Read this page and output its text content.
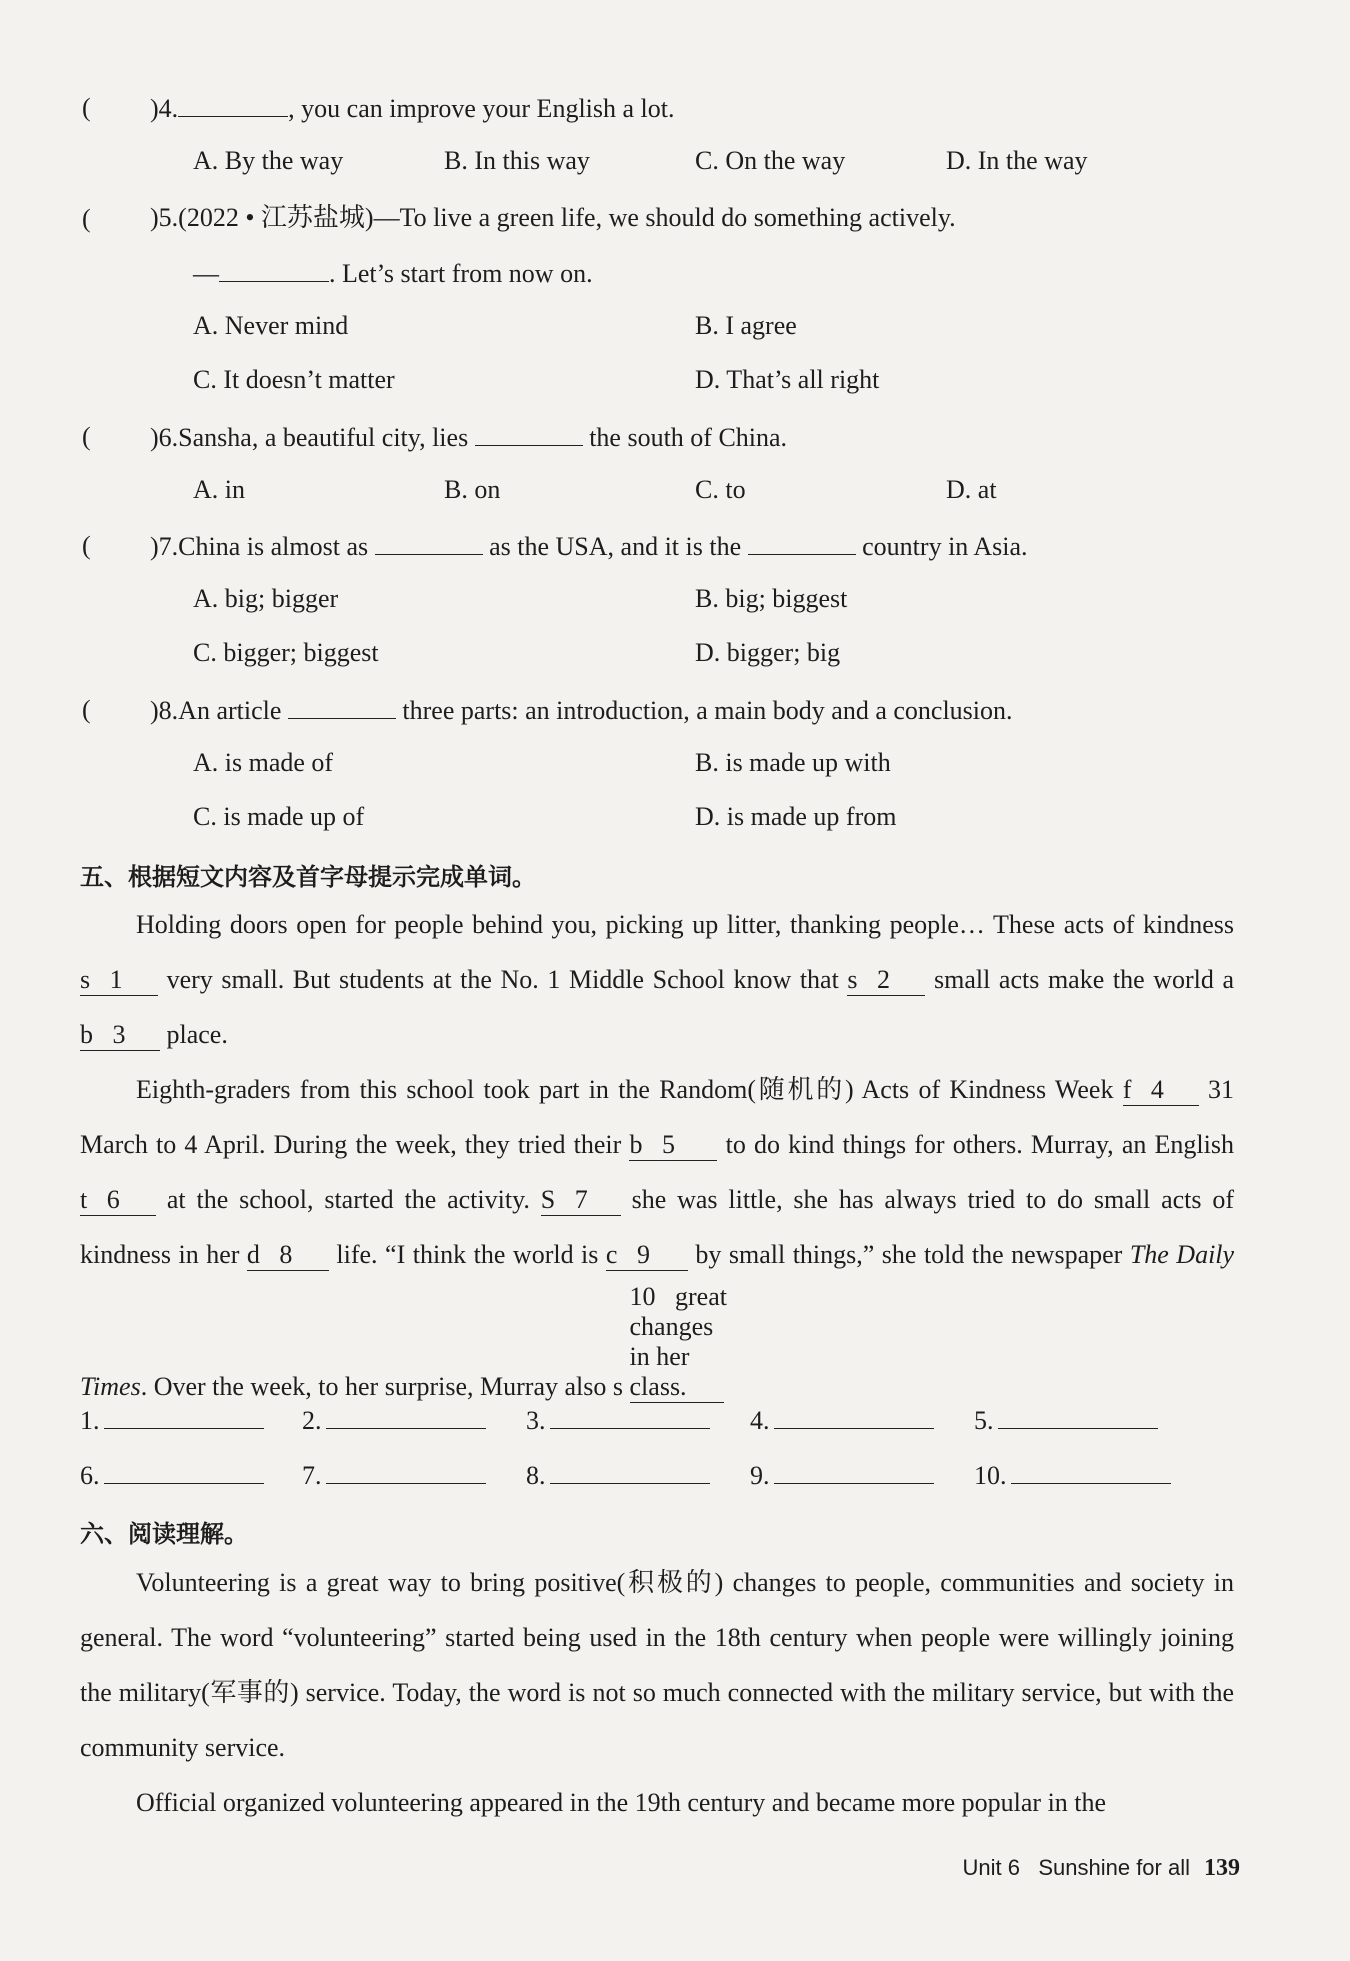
( )4.	, you can improve your English a lot.
A. By the way	B. In this way	C. On the way	D. In the way
( )5.(2022 • 江苏盐城)—To live a green life, we should do something actively.
—	. Let’s start from now on.
A. Never mind	B. I agree
C. It doesn’t matter	D. That’s all right
( )6.Sansha, a beautiful city, lies	the south of China.
A. in	B. on	C. to	D. at
( )7.China is almost as	as the USA, and it is the	country in Asia.
A. big; bigger	B. big; biggest
C. bigger; biggest	D. bigger; big
( )8.An article	three parts: an introduction, a main body and a conclusion.
A. is made of	B. is made up with
C. is made up of	D. is made up from
五、根据短文内容及首字母提示完成单词。
Holding doors open for people behind you, picking up litter, thanking people… These acts of kindness s 1 very small. But students at the No. 1 Middle School know that s 2 small acts make the world a b 3 place.
Eighth-graders from this school took part in the Random(随机的) Acts of Kindness Week f 4 31 March to 4 April. During the week, they tried their b 5 to do kind things for others. Murray, an English t 6 at the school, started the activity. S 7 she was little, she has always tried to do small acts of kindness in her d 8 life. “I think the world is c 9 by small things,” she told the newspaper The Daily Times. Over the week, to her surprise, Murray also s 10 great changes in her class.
1.	2.	3.	4.	5.
6.	7.	8.	9.	10.
六、阅读理解。
Volunteering is a great way to bring positive(积极的) changes to people, communities and society in general. The word “volunteering” started being used in the 18th century when people were willingly joining the military(军事的) service. Today, the word is not so much connected with the military service, but with the community service.
Official organized volunteering appeared in the 19th century and became more popular in the
Unit 6 Sunshine for all 139
